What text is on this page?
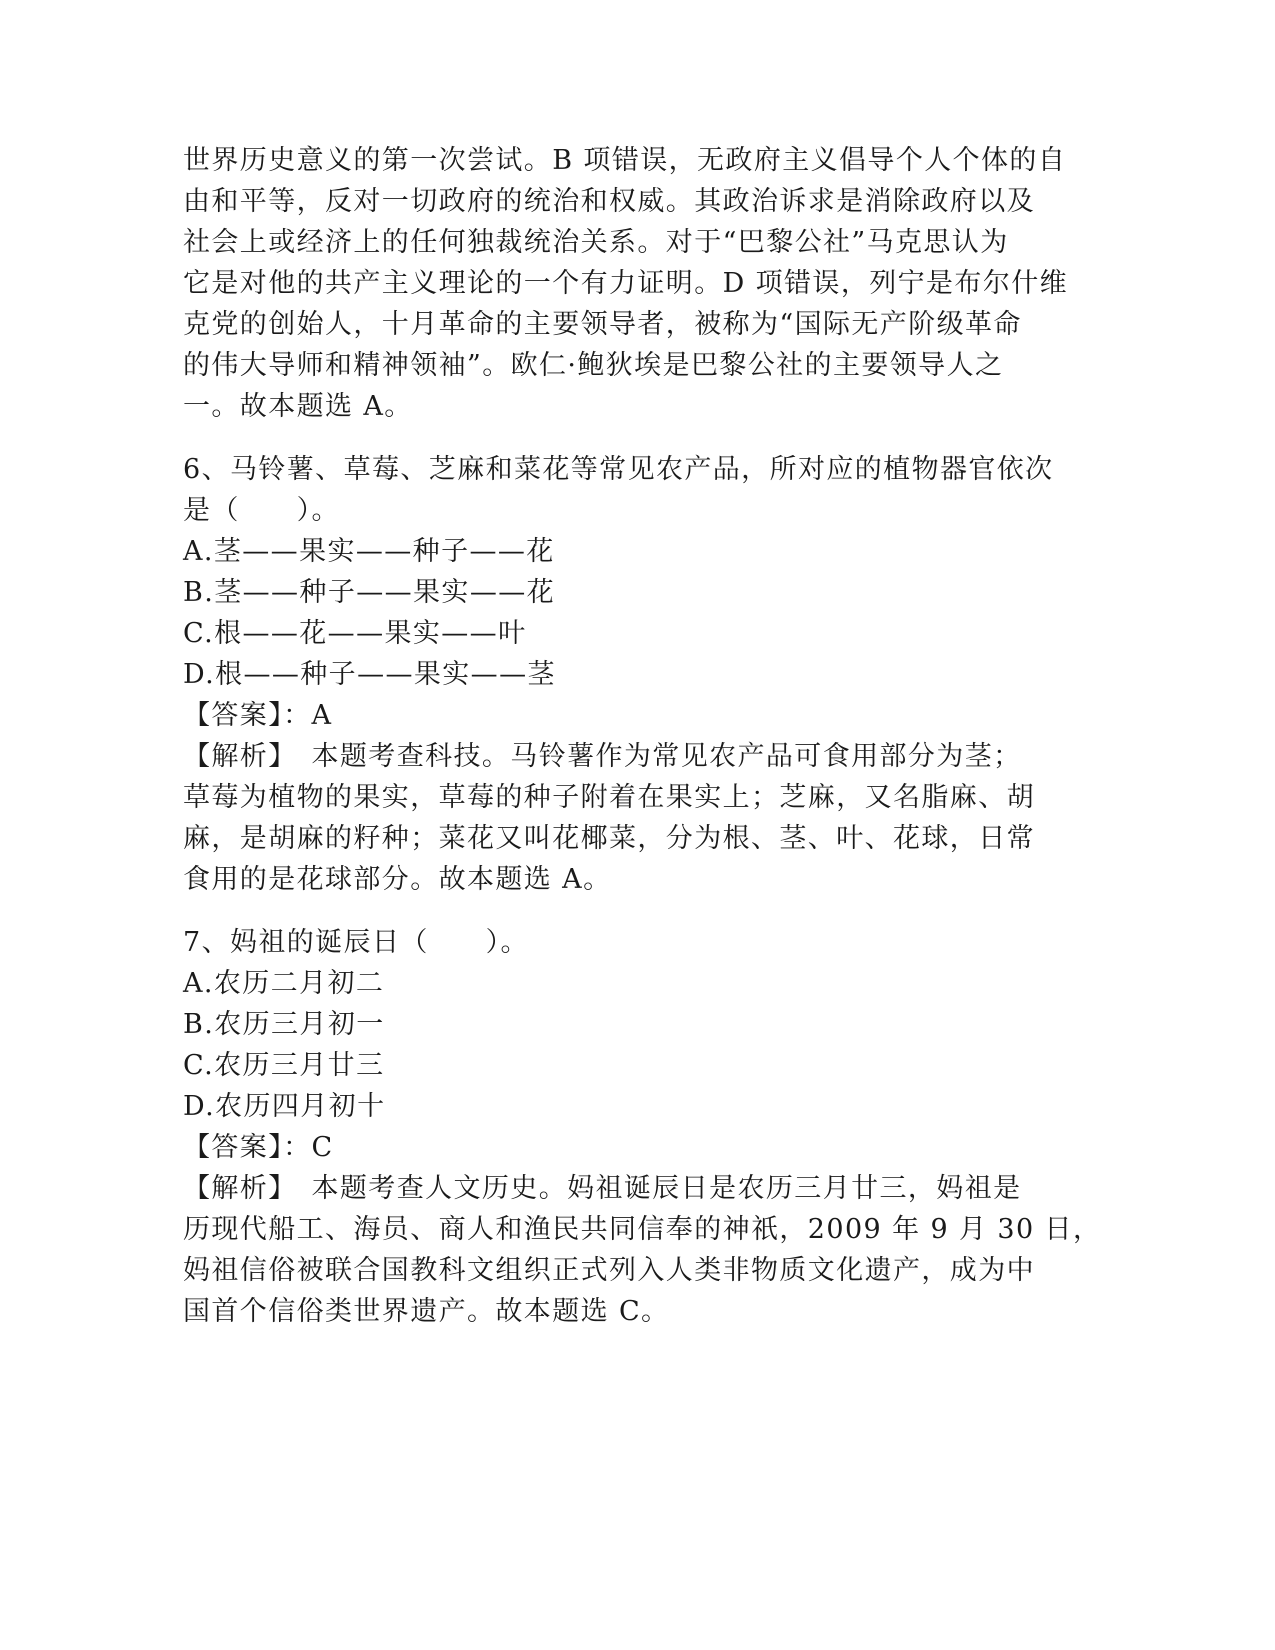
世界历史意义的第一次尝试。B 项错误，无政府主义倡导个人个体的自
由和平等，反对一切政府的统治和权威。其政治诉求是消除政府以及
社会上或经济上的任何独裁统治关系。对于“巴黎公社”马克思认为
它是对他的共产主义理论的一个有力证明。D 项错误，列宁是布尔什维
克党的创始人，十月革命的主要领导者，被称为“国际无产阶级革命
的伟大导师和精神领袖”。欧仁·鲍狄埃是巴黎公社的主要领导人之
一。故本题选 A。
6、马铃薯、草莓、芝麻和菜花等常见农产品，所对应的植物器官依次
是（　　）。
A.茎——果实——种子——花
B.茎——种子——果实——花
C.根——花——果实——叶
D.根——种子——果实——茎
【答案】：A
【解析】　本题考查科技。马铃薯作为常见农产品可食用部分为茎；
草莓为植物的果实，草莓的种子附着在果实上；芝麻，又名脂麻、胡
麻，是胡麻的籽种；菜花又叫花椰菜，分为根、茎、叶、花球，日常
食用的是花球部分。故本题选 A。
7、妈祖的诞辰日（　　）。
A.农历二月初二
B.农历三月初一
C.农历三月廿三
D.农历四月初十
【答案】：C
【解析】　本题考查人文历史。妈祖诞辰日是农历三月廿三，妈祖是
历现代船工、海员、商人和渔民共同信奉的神祇，2009 年 9 月 30 日，
妈祖信俗被联合国教科文组织正式列入人类非物质文化遗产，成为中
国首个信俗类世界遗产。故本题选 C。
